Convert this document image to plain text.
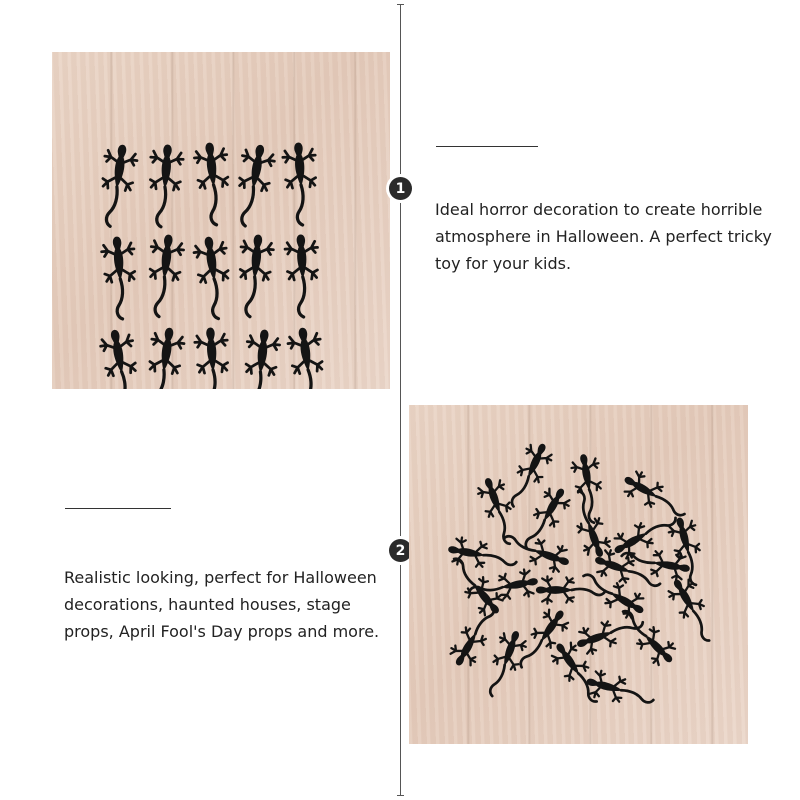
1
Ideal horror decoration to create horrible atmosphere in Halloween. A perfect tricky toy for your kids.
2
Realistic looking, perfect for Halloween decorations, haunted houses, stage props, April Fool's Day props and more.
